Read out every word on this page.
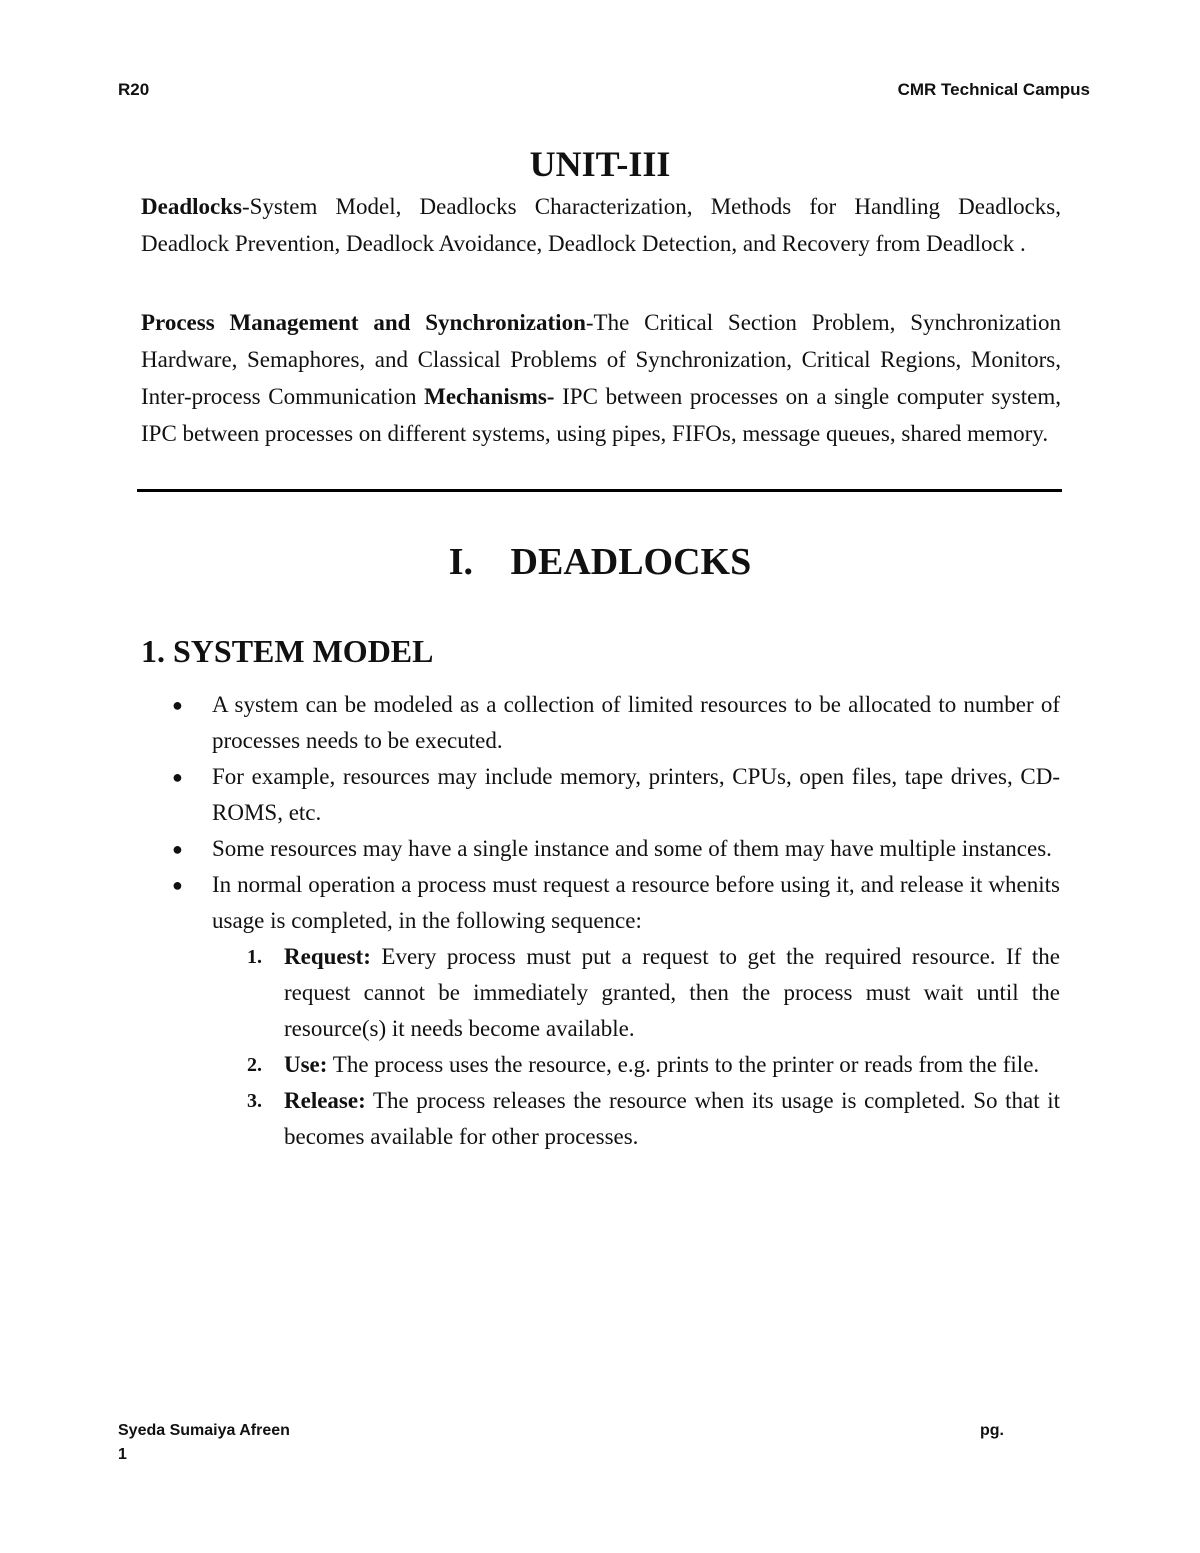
R20	CMR Technical Campus
UNIT-III
Deadlocks-System Model, Deadlocks Characterization, Methods for Handling Deadlocks, Deadlock Prevention, Deadlock Avoidance, Deadlock Detection, and Recovery from Deadlock .
Process Management and Synchronization-The Critical Section Problem, Synchronization Hardware, Semaphores, and Classical Problems of Synchronization, Critical Regions, Monitors, Inter-process Communication Mechanisms- IPC between processes on a single computer system, IPC between processes on different systems, using pipes, FIFOs, message queues, shared memory.
I. DEADLOCKS
1. SYSTEM MODEL
● A system can be modeled as a collection of limited resources to be allocated to number of processes needs to be executed.
● For example, resources may include memory, printers, CPUs, open files, tape drives, CD-ROMS, etc.
● Some resources may have a single instance and some of them may have multiple instances.
● In normal operation a process must request a resource before using it, and release it whenits usage is completed, in the following sequence:
1. Request: Every process must put a request to get the required resource. If the request cannot be immediately granted, then the process must wait until the resource(s) it needs become available.
2. Use: The process uses the resource, e.g. prints to the printer or reads from the file.
3. Release: The process releases the resource when its usage is completed. So that it becomes available for other processes.
Syeda Sumaiya Afreen	pg.
1
